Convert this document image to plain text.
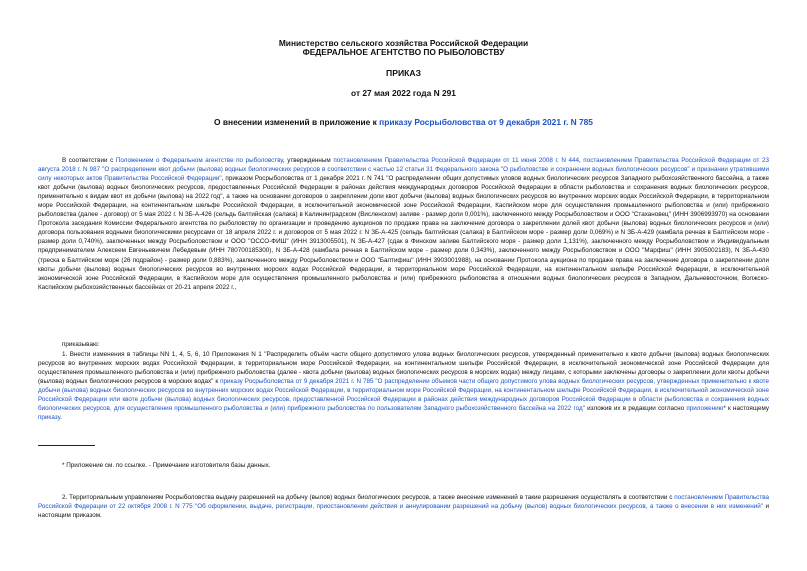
Министерство сельского хозяйства Российской Федерации
ФЕДЕРАЛЬНОЕ АГЕНТСТВО ПО РЫБОЛОВСТВУ
ПРИКАЗ
от 27 мая 2022 года N 291
О внесении изменений в приложение к приказу Росрыболовства от 9 декабря 2021 г. N 785

В соответствии с Положением о Федеральном агентстве по рыболовству, утвержденным постановлением Правительства Российской Федерации от 11 июня 2008 г. N 444, постановлением Правительства Российской Федерации от 23 августа 2018 г. N 987 "О распределении квот добычи (вылова) водных биологических ресурсов в соответствии с частью 12 статьи 31 Федерального закона "О рыболовстве и сохранении водных биологических ресурсов" и признании утратившими силу некоторых актов Правительства Российской Федерации", приказом Росрыболовства от 1 декабря 2021 г. N 741 "О распределении общих допустимых уловов водных биологических ресурсов Западного рыбохозяйственного бассейна, а также квот добычи (вылова) водных биологических ресурсов, предоставленных Российской Федерации в районах действия международных договоров Российской Федерации в области рыболовства и сохранения водных биологических ресурсов, применительно к видам квот их добычи (вылова) на 2022 год", а также на основании договоров о закреплении доли квот добычи (вылова) водных биологических ресурсов во внутренних морских водах Российской Федерации, в территориальном море Российской Федерации, на континентальном шельфе Российской Федерации, в исключительной экономической зоне Российской Федерации, Каспийском море для осуществления промышленного рыболовства и (или) прибрежного рыболовства (далее - договор) от 5 мая 2022 г. N ЗБ-А-426 (сельдь балтийская (салака) в Калининградском (Висленском) заливе - размер доли 0,001%), заключенного между Росрыболовством и ООО "Стахановец" (ИНН 3906993970) на основании Протокола заседания Комиссии Федерального агентства по рыболовству по организации и проведению аукционов по продаже права на заключение договора о закреплении долей квот добычи (вылова) водных биологических ресурсов и (или) договора пользования водными биологическими ресурсами от 18 апреля 2022 г. и договоров от 5 мая 2022 г. N ЗБ-А-425 (сельдь балтийская (салака) в Балтийском море - размер доли 0,069%) и N ЗБ-А-429 (камбала речная в Балтийском море - размер доли 0,740%), заключенных между Росрыболовством и ООО "ОССО-ФИШ" (ИНН 3913005501), N ЗБ-А-427 (сдак в Финском заливе Балтийского моря - размер доли 1,131%), заключенного между Росрыболовством и Индивидуальным предпринимателем Алексеем Евгеньевичем Лебедевым (ИНН 780700185300), N ЗБ-А-428 (камбала речная в Балтийском море - размер доли 0,343%), заключенного между Росрыболовством и ООО "Марфиш" (ИНН 3905002183), N ЗБ-А-430 (треска в Балтийском море (26 подрайон) - размер доли 0,883%), заключенного между Росрыболовством и ООО "Балтифиш" (ИНН 3903001988), на основании Протокола аукциона по продаже права на заключение договора о закреплении доли квоты добычи (вылова) водных биологических ресурсов во внутренних морских водах Российской Федерации, в территориальном море Российской Федерации, на континентальном шельфе Российской Федерации, в исключительной экономической зоне Российской Федерации, в Каспийском море для осуществления промышленного рыболовства и (или) прибрежного рыболовства в отношении водных биологических ресурсов в Западном, Дальневосточном, Волжско-Каспийском рыбохозяйственных бассейнах от 20-21 апреля 2022 г.,

приказываю:

1. Внести изменения в таблицы NN 1, 4, 5, 6, 10 Приложения N 1 "Распределить объём части общего допустимого улова водных биологических ресурсов, утвержденный применительно к квоте добычи (вылова) водных биологических ресурсов во внутренних морских водах Российской Федерации, в территориальном море Российской Федерации, на континентальном шельфе Российской Федерации, в исключительной экономической зоне Российской Федерации для осуществления промышленного рыболовства и (или) прибрежного рыболовства (далее - квота добычи (вылова) водных биологических ресурсов в морских водах) между лицами, с которыми заключены договоры о закреплении доли квоты добычи (вылова) водных биологических ресурсов в морских водах" к приказу Росрыболовства от 9 декабря 2021 г. N 785 "О распределении объемов части общего допустимого улова водных биологических ресурсов, утвержденных применительно к квоте добычи (вылова) водных биологических ресурсов во внутренних морских водах Российской Федерации, в территориальном море Российской Федерации, на континентальном шельфе Российской Федерации, в исключительной экономической зоне Российской Федерации или квоте добычи (вылова) водных биологических ресурсов, предоставленной Российской Федерации в районах действия международных договоров Российской Федерации в области рыболовства и сохранения водных биологических ресурсов, для осуществления промышленного рыболовства и (или) прибрежного рыболовства по пользователям Западного рыбохозяйственного бассейна на 2022 год" изложив их в редакции согласно приложению* к настоящему приказу.

* Приложение см. по ссылке. - Примечание изготовителя базы данных.

2. Территориальным управлениям Росрыболовства выдачу разрешений на добычу (вылов) водных биологических ресурсов, а также внесение изменений в такие разрешения осуществлять в соответствии с постановлением Правительства Российской Федерации от 22 октября 2008 г. N 775 "Об оформлении, выдаче, регистрации, приостановлении действия и аннулировании разрешений на добычу (вылов) водных биологических ресурсов, а также о внесении в них изменений" и настоящим приказом.
